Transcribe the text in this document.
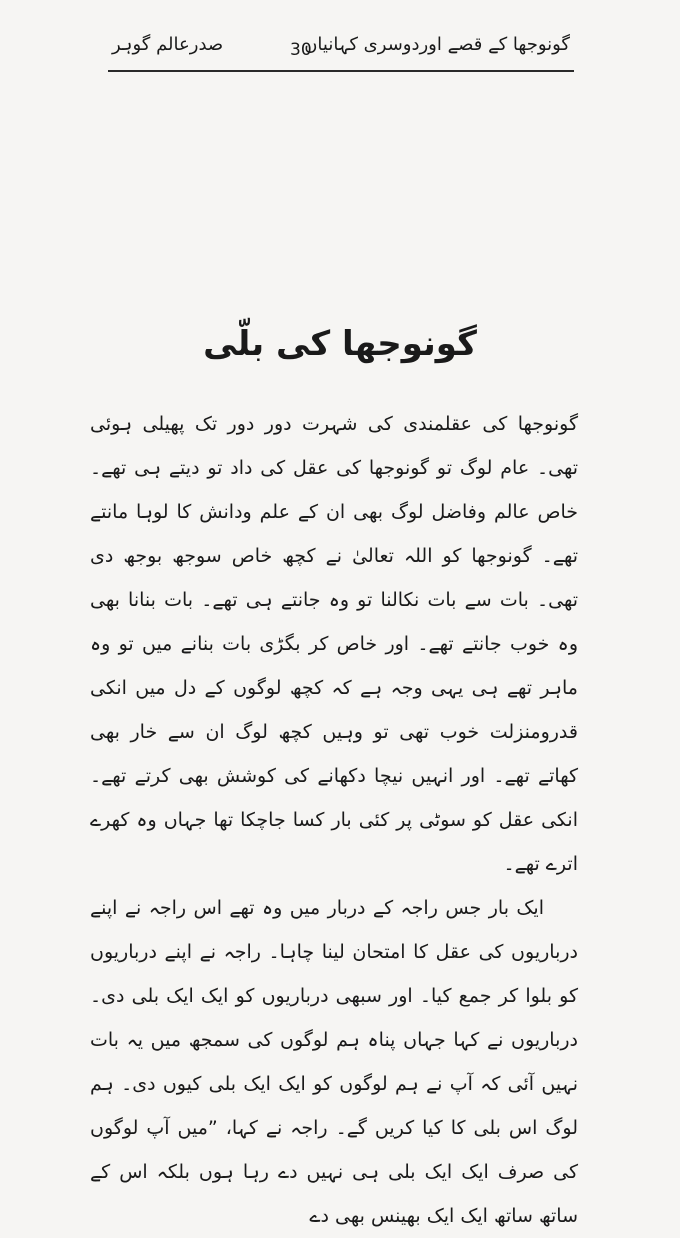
گونوجھا کے قصے اوردوسری کہانیاں
30
صدرعالم گوہر
گونوجھا کی بلّی

گونوجھا کی عقلمندی کی شہرت دور دور تک پھیلی ہوئی تھی۔ عام لوگ تو گونوجھا کی عقل کی داد تو دیتے ہی تھے۔ خاص عالم وفاضل لوگ بھی ان کے علم ودانش کا لوہا مانتے تھے۔ گونوجھا کو اللہ تعالیٰ نے کچھ خاص سوجھ بوجھ دی تھی۔ بات سے بات نکالنا تو وہ جانتے ہی تھے۔ بات بنانا بھی وہ خوب جانتے تھے۔ اور خاص کر بگڑی بات بنانے میں تو وہ ماہر تھے ہی یہی وجہ ہے کہ کچھ لوگوں کے دل میں انکی قدرومنزلت خوب تھی تو وہیں کچھ لوگ ان سے خار بھی کھاتے تھے۔ اور انہیں نیچا دکھانے کی کوشش بھی کرتے تھے۔ انکی عقل کو سوٹی پر کئی بار کسا جاچکا تھا جہاں وہ کھرے اترے تھے۔

ایک بار جس راجہ کے دربار میں وہ تھے اس راجہ نے اپنے درباریوں کی عقل کا امتحان لینا چاہا۔ راجہ نے اپنے درباریوں کو بلوا کر جمع کیا۔ اور سبھی درباریوں کو ایک ایک بلی دی۔ درباریوں نے کہا جہاں پناہ ہم لوگوں کی سمجھ میں یہ بات نہیں آئی کہ آپ نے ہم لوگوں کو ایک ایک بلی کیوں دی۔ ہم لوگ اس بلی کا کیا کریں گے۔ راجہ نے کہا، ”میں آپ لوگوں کی صرف ایک ایک بلی ہی نہیں دے رہا ہوں بلکہ اس کے ساتھ ساتھ ایک ایک بھینس بھی دے
